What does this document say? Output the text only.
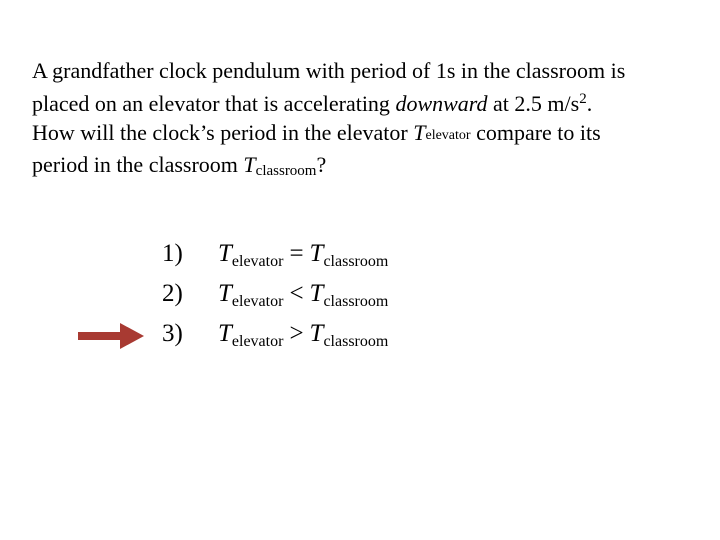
A grandfather clock pendulum with period of 1s in the classroom is
placed on an elevator that is accelerating downward at 2.5 $m/s^2$.
How will the clock’s period in the elevator Televator compare to its
period in the classroom $T_{classroom}$?
1) $T_{elevator} = T_{classroom}$
2) $T_{elevator} < T_{classroom}$
3) $T_{elevator} > T_{classroom}$
